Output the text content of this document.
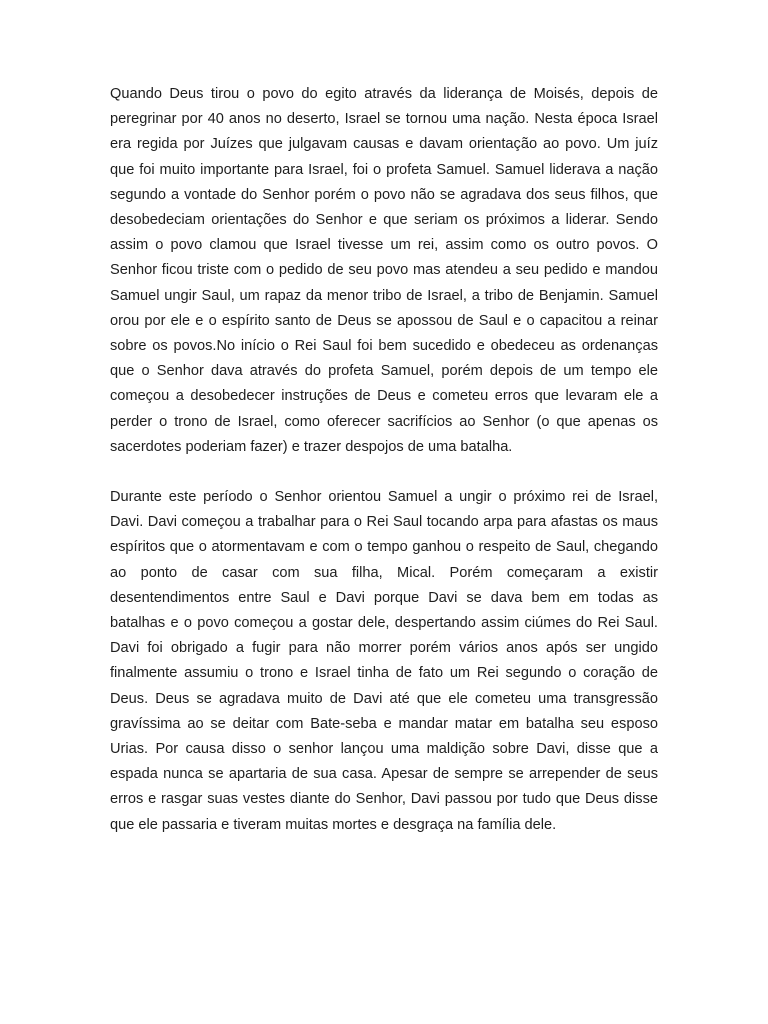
Quando Deus tirou o povo do egito através da liderança de Moisés, depois de peregrinar por 40 anos no deserto, Israel se tornou uma nação. Nesta época Israel era regida por Juízes que julgavam causas e davam orientação ao povo. Um juíz que foi muito importante para Israel, foi o profeta Samuel. Samuel liderava a nação segundo a vontade do Senhor porém o povo não se agradava dos seus filhos, que desobedeciam orientações do Senhor e que seriam os próximos a liderar. Sendo assim o povo clamou que Israel tivesse um rei, assim como os outro povos. O Senhor ficou triste com o pedido de seu povo mas atendeu a seu pedido e mandou Samuel ungir Saul, um rapaz da menor tribo de Israel, a tribo de Benjamin. Samuel orou por ele e o espírito santo de Deus se apossou de Saul e o capacitou a reinar sobre os povos.No início o Rei Saul foi bem sucedido e obedeceu as ordenanças que o Senhor dava através do profeta Samuel, porém depois de um tempo ele começou a desobedecer instruções de Deus e cometeu erros que levaram ele a perder o trono de Israel, como oferecer sacrifícios ao Senhor (o que apenas os sacerdotes poderiam fazer) e trazer despojos de uma batalha.

Durante este período o Senhor orientou Samuel a ungir o próximo rei de Israel, Davi. Davi começou a trabalhar para o Rei Saul tocando arpa para afastas os maus espíritos que o atormentavam e com o tempo ganhou o respeito de Saul, chegando ao ponto de casar com sua filha, Mical. Porém começaram a existir desentendimentos entre Saul e Davi porque Davi se dava bem em todas as batalhas e o povo começou a gostar dele, despertando assim ciúmes do Rei Saul. Davi foi obrigado a fugir para não morrer porém vários anos após ser ungido finalmente assumiu o trono e Israel tinha de fato um Rei segundo o coração de Deus. Deus se agradava muito de Davi até que ele cometeu uma transgressão gravíssima ao se deitar com Bate-seba e mandar matar em batalha seu esposo Urias. Por causa disso o senhor lançou uma maldição sobre Davi, disse que a espada nunca se apartaria de sua casa. Apesar de sempre se arrepender de seus erros e rasgar suas vestes diante do Senhor, Davi passou por tudo que Deus disse que ele passaria e tiveram muitas mortes e desgraça na família dele.
